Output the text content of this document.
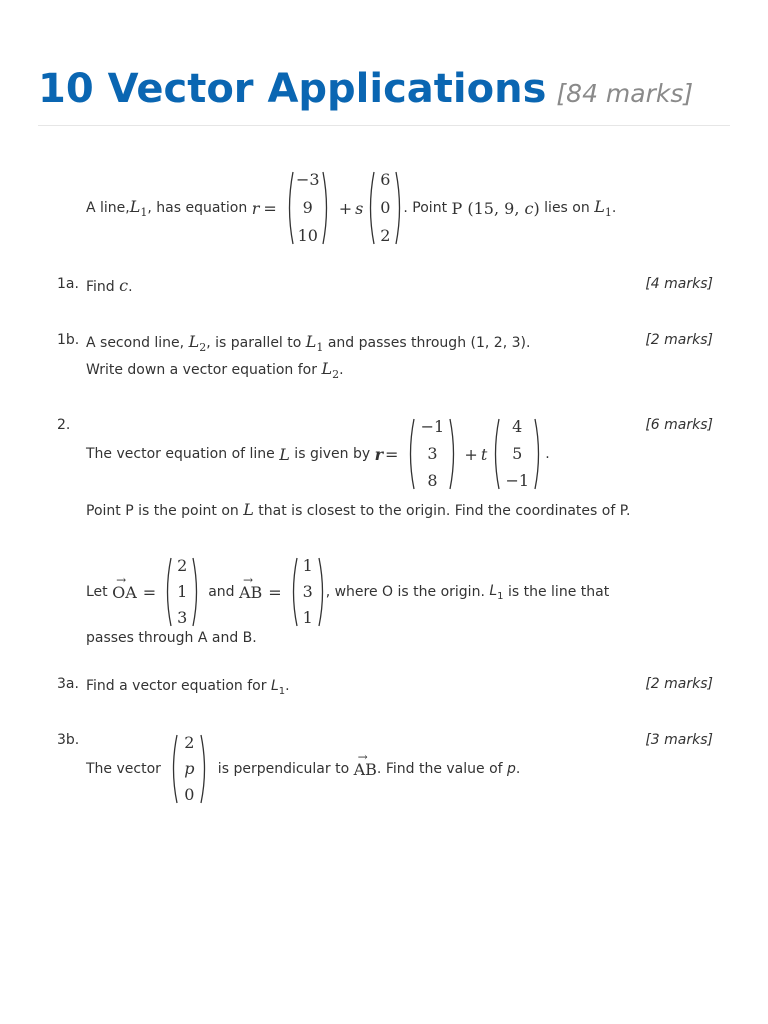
10 Vector Applications [84 marks]
A line, $L_1$ , has equation r =
−3
9
10
+ s
6
0
2
. Point P (15, 9, c) lies on $L_1$ .
1a. Find c.	[4 marks]
1b. A second line, $L_2$, is parallel to $L_1$ and passes through (1, 2, 3).
Write down a vector equation for $L_2$.
[2 marks]
2.	[6 marks]
The vector equation of line L is given by r =
−1
3
8
+ t
4
5
−1
.
Point P is the point on L that is closest to the origin. Find the coordinates of P.
Let
→
OA =
2
1
3
and
→
AB =
1
3
1
, where O is the origin. $L_1$ is the line that
passes through A and B.
3a. Find a vector equation for $L_1$.	[2 marks]
3b.	[3 marks]
The vector
2
p
0
is perpendicular to
→
AB . Find the value of p .
